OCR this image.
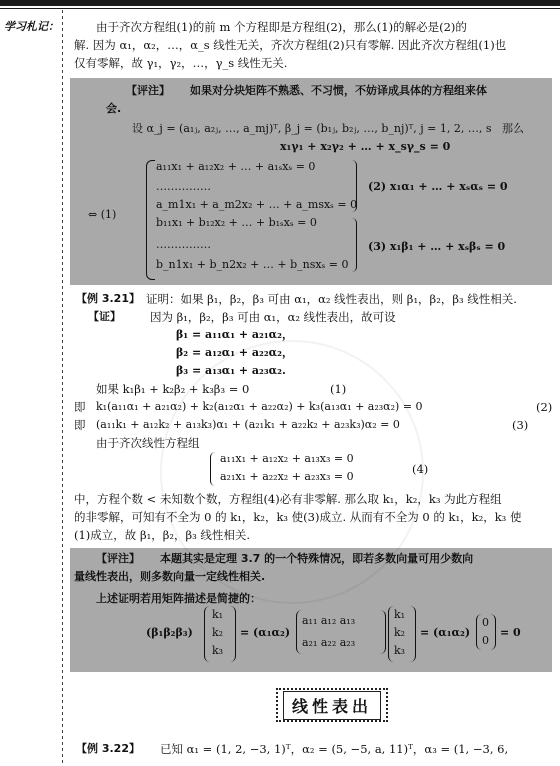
学习札记：	由于齐次方程组(1)的前 m 个方程即是方程组(2)，那么(1)的解必是(2)的
解. 因为 α₁，α₂，…，α_s 线性无关，齐次方程组(2)只有零解. 因此齐次方程组(1)也
仅有零解，故 γ₁，γ₂，…，γ_s 线性无关.
【评注】 如果对分块矩阵不熟悉、不习惯，不妨译成具体的方程组来体
会.
设 α_j = (a₁ⱼ, a₂ⱼ, …, a_mj)ᵀ, β_j = (b₁ⱼ, b₂ⱼ, …, b_nj)ᵀ, j = 1, 2, …, s 那么
x₁γ₁ + x₂γ₂ + … + x_sγ_s = 0
⇔ (1)
a₁₁x₁ + a₁₂x₂ + … + a₁ₛxₛ = 0
……………
a_m1x₁ + a_m2x₂ + … + a_msxₛ = 0
b₁₁x₁ + b₁₂x₂ + … + b₁ₛxₛ = 0
……………
b_n1x₁ + b_n2x₂ + … + b_nsxₛ = 0
(2) x₁α₁ + … + xₛαₛ = 0
(3) x₁β₁ + … + xₛβₛ = 0
【例 3.21】 证明：如果 β₁，β₂，β₃ 可由 α₁，α₂ 线性表出，则 β₁，β₂，β₃ 线性相关.
【证】	因为 β₁，β₂，β₃ 可由 α₁，α₂ 线性表出，故可设
β₁ = a₁₁α₁ + a₂₁α₂，
β₂ = a₁₂α₁ + a₂₂α₂，
β₃ = a₁₃α₁ + a₂₃α₂.
如果 k₁β₁ + k₂β₂ + k₃β₃ = 0	(1)
即 k₁(a₁₁α₁ + a₂₁α₂) + k₂(a₁₂α₁ + a₂₂α₂) + k₃(a₁₃α₁ + a₂₃α₂) = 0	(2)
即 (a₁₁k₁ + a₁₂k₂ + a₁₃k₃)α₁ + (a₂₁k₁ + a₂₂k₂ + a₂₃k₃)α₂ = 0	(3)
由于齐次线性方程组
a₁₁x₁ + a₁₂x₂ + a₁₃x₃ = 0
a₂₁x₁ + a₂₂x₂ + a₂₃x₃ = 0
(4)
中，方程个数 < 未知数个数，方程组(4)必有非零解. 那么取 k₁，k₂，k₃ 为此方程组
的非零解，可知有不全为 0 的 k₁，k₂，k₃ 使(3)成立. 从而有不全为 0 的 k₁，k₂，k₃ 使
(1)成立，故 β₁，β₂，β₃ 线性相关.
【评注】 本题其实是定理 3.7 的一个特殊情况，即若多数向量可用少数向
量线性表出，则多数向量一定线性相关.
上述证明若用矩阵描述是简捷的：
(β₁β₂β₃)
k₁
k₂
k₃
= (α₁α₂)
a₁₁ a₁₂ a₁₃
a₂₁ a₂₂ a₂₃
k₁
k₂
k₃
= (α₁α₂)
0
0
= 0
线性表出
【例 3.22】 已知 α₁ = (1, 2, −3, 1)ᵀ，α₂ = (5, −5, a, 11)ᵀ，α₃ = (1, −3, 6,
